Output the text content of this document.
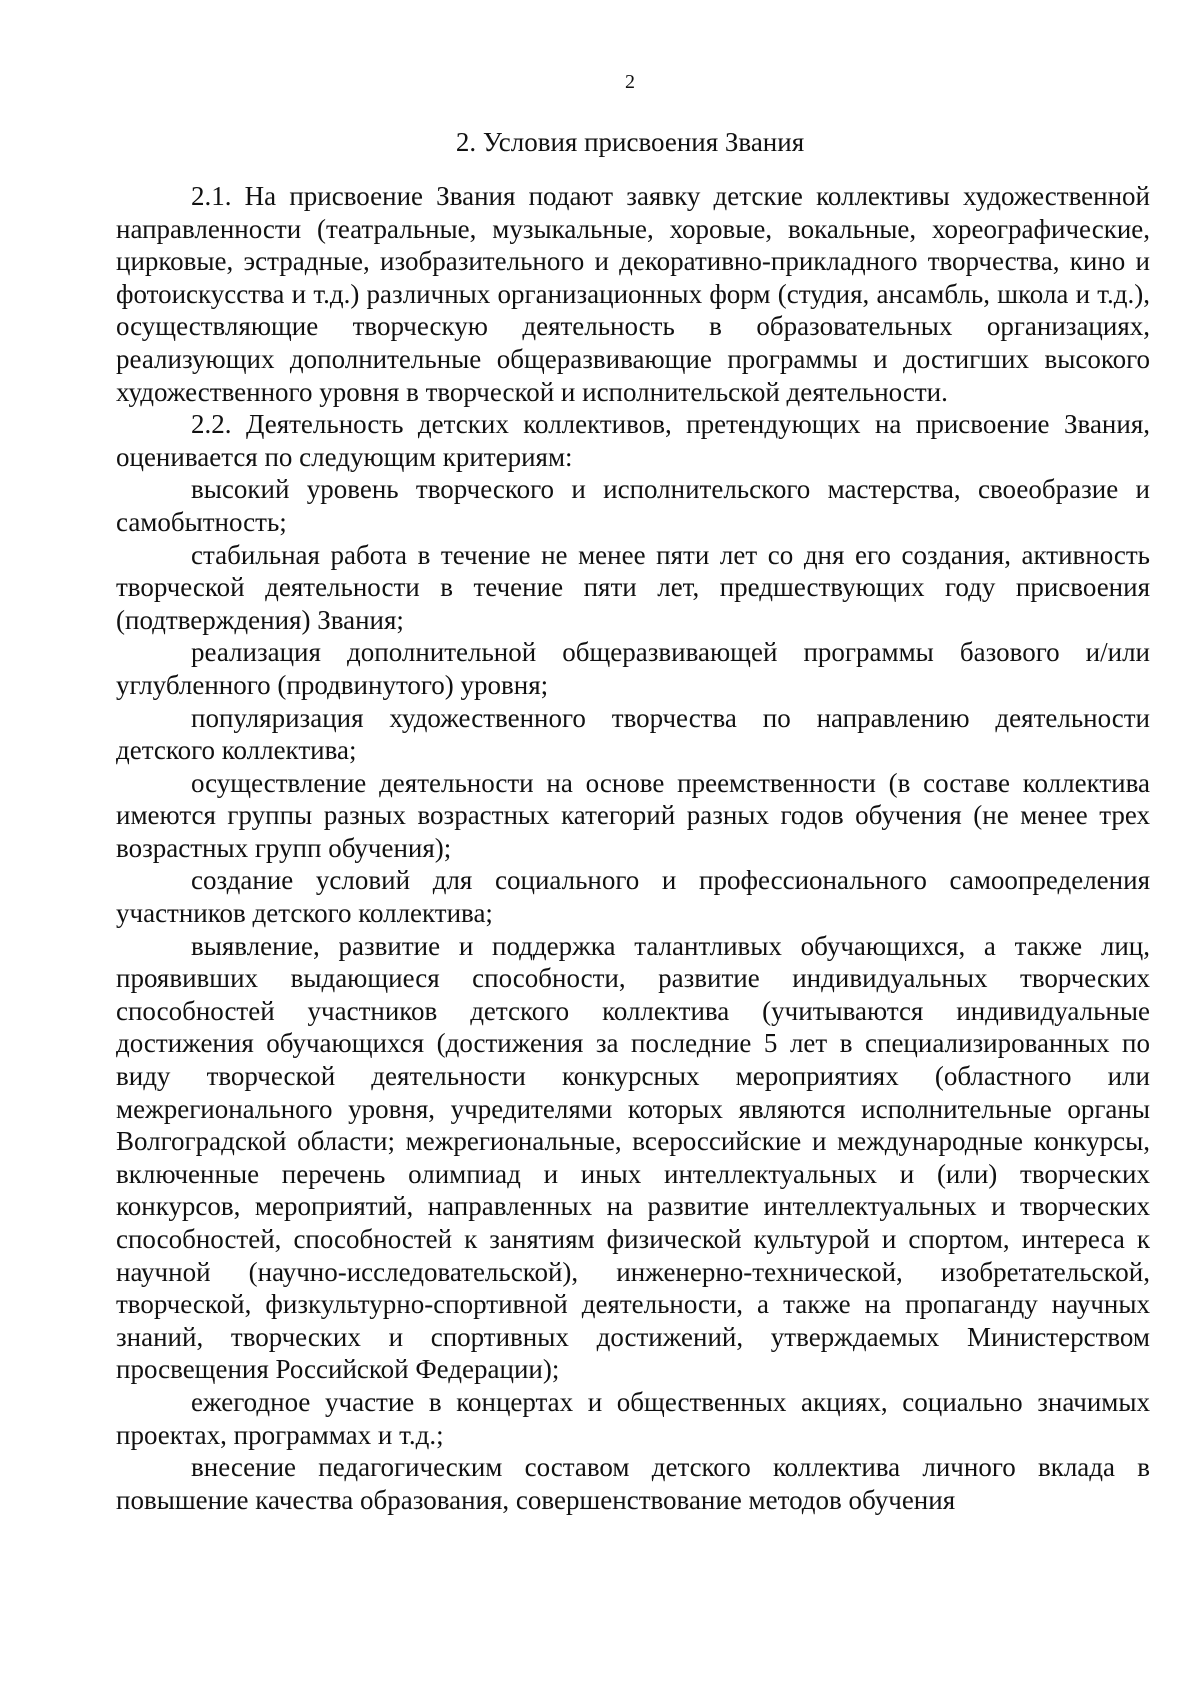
2
2. Условия присвоения Звания

2.1. На присвоение Звания подают заявку детские коллективы художественной направленности (театральные, музыкальные, хоровые, вокальные, хореографические, цирковые, эстрадные, изобразительного и декоративно-прикладного творчества, кино и фотоискусства и т.д.) различных организационных форм (студия, ансамбль, школа и т.д.), осуществляющие творческую деятельность в образовательных организациях, реализующих дополнительные общеразвивающие программы и достигших высокого художественного уровня в творческой и исполнительской деятельности.

2.2. Деятельность детских коллективов, претендующих на присвоение Звания, оценивается по следующим критериям:

высокий уровень творческого и исполнительского мастерства, своеобразие и самобытность;

стабильная работа в течение не менее пяти лет со дня его создания, активность творческой деятельности в течение пяти лет, предшествующих году присвоения (подтверждения) Звания;

реализация дополнительной общеразвивающей программы базового и/или углубленного (продвинутого) уровня;

популяризация художественного творчества по направлению деятельности детского коллектива;

осуществление деятельности на основе преемственности (в составе коллектива имеются группы разных возрастных категорий разных годов обучения (не менее трех возрастных групп обучения);

создание условий для социального и профессионального самоопределения участников детского коллектива;

выявление, развитие и поддержка талантливых обучающихся, а также лиц, проявивших выдающиеся способности, развитие индивидуальных творческих способностей участников детского коллектива (учитываются индивидуальные достижения обучающихся (достижения за последние 5 лет в специализированных по виду творческой деятельности конкурсных мероприятиях (областного или межрегионального уровня, учредителями которых являются исполнительные органы Волгоградской области; межрегиональные, всероссийские и международные конкурсы, включенные перечень олимпиад и иных интеллектуальных и (или) творческих конкурсов, мероприятий, направленных на развитие интеллектуальных и творческих способностей, способностей к занятиям физической культурой и спортом, интереса к научной (научно-исследовательской), инженерно-технической, изобретательской, творческой, физкультурно-спортивной деятельности, а также на пропаганду научных знаний, творческих и спортивных достижений, утверждаемых Министерством просвещения Российской Федерации);

ежегодное участие в концертах и общественных акциях, социально значимых проектах, программах и т.д.;

внесение педагогическим составом детского коллектива личного вклада в повышение качества образования, совершенствование методов обучения
